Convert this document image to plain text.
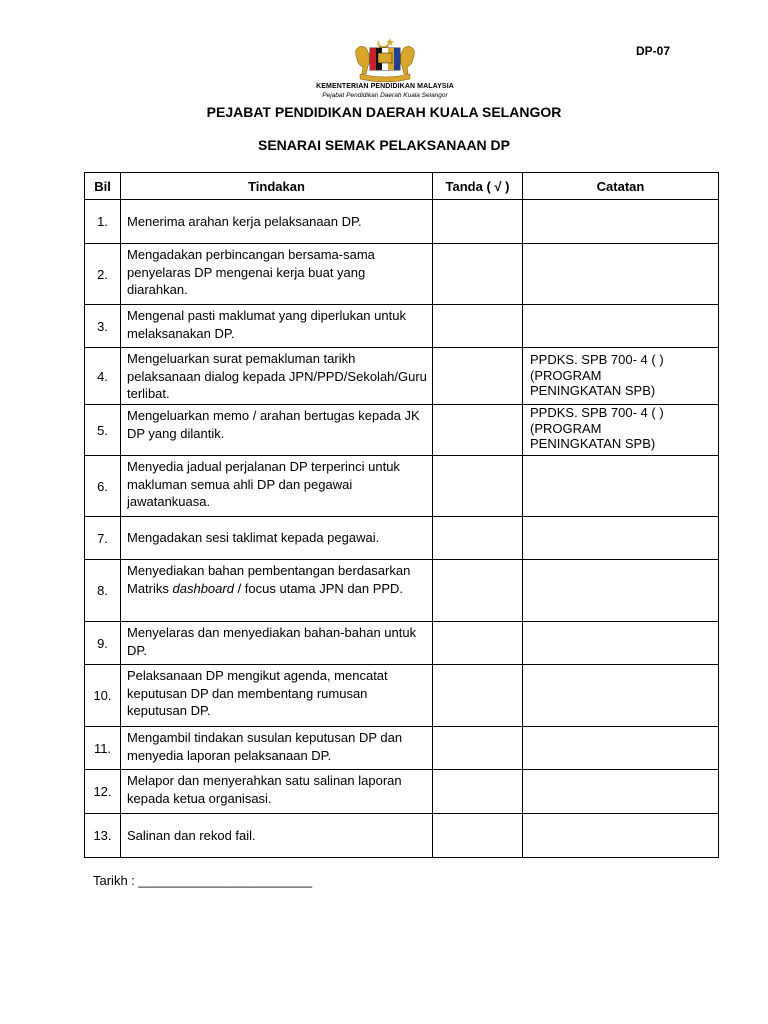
DP-07
KEMENTERIAN PENDIDIKAN MALAYSIA
Pejabat Pendidikan Daerah Kuala Selangor
PEJABAT PENDIDIKAN DAERAH KUALA SELANGOR
SENARAI SEMAK PELAKSANAAN DP
Bil	Tindakan	Tanda ( √ )	Catatan
1.	Menerima arahan kerja pelaksanaan DP.		
2.	Mengadakan perbincangan bersama-sama penyelaras DP mengenai kerja buat yang diarahkan.		
3.	Mengenal pasti maklumat yang diperlukan untuk melaksanakan DP.		
4.	Mengeluarkan surat pemakluman tarikh pelaksanaan dialog kepada JPN/PPD/Sekolah/Guru terlibat.		PPDKS. SPB 700- 4 ( )
(PROGRAM
PENINGKATAN SPB)
5.	Mengeluarkan memo / arahan bertugas kepada JK DP yang dilantik.		PPDKS. SPB 700- 4 ( )
(PROGRAM
PENINGKATAN SPB)
6.	Menyedia jadual perjalanan DP terperinci untuk makluman semua ahli DP dan pegawai jawatankuasa.		
7.	Mengadakan sesi taklimat kepada pegawai.		
8.	Menyediakan bahan pembentangan berdasarkan Matriks dashboard / focus utama JPN dan PPD.		
9.	Menyelaras dan menyediakan bahan-bahan untuk DP.		
10.	Pelaksanaan DP mengikut agenda, mencatat keputusan DP dan membentang rumusan keputusan DP.		
11.	Mengambil tindakan susulan keputusan DP dan menyedia laporan pelaksanaan DP.		
12.	Melapor dan menyerahkan satu salinan laporan kepada ketua organisasi.		
13.	Salinan dan rekod fail.		
Tarikh : ________________________
